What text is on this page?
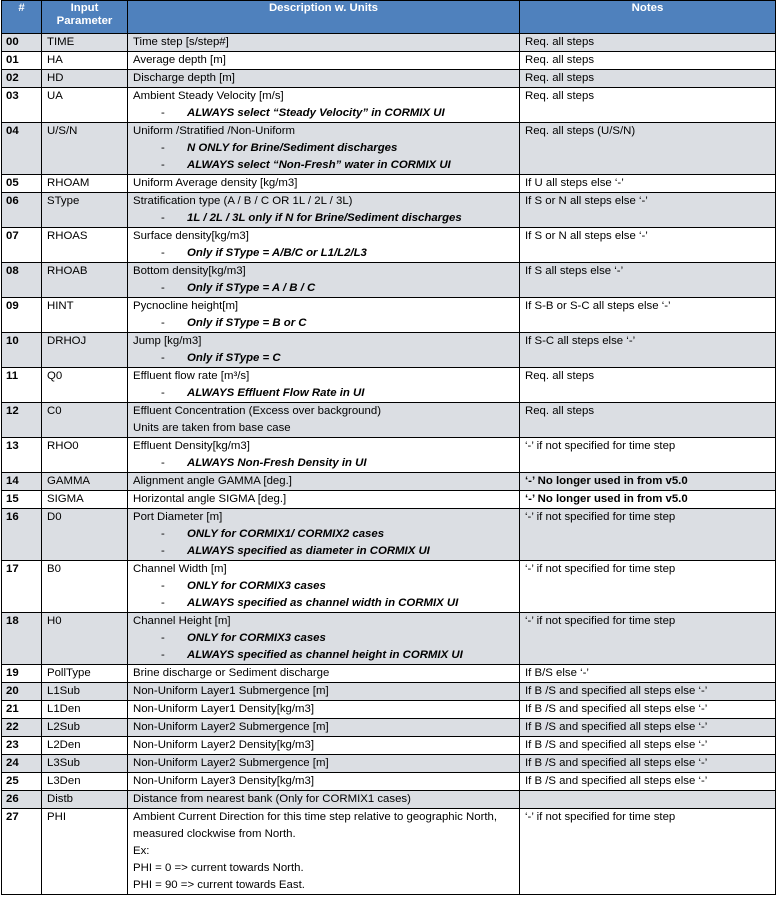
#	Input Parameter	Description w. Units	Notes
00	TIME	Time step [s/step#]	Req. all steps
01	HA	Average depth [m]	Req. all steps
02	HD	Discharge depth [m]	Req. all steps
03	UA	Ambient Steady Velocity [m/s]
- ALWAYS select “Steady Velocity” in CORMIX UI	Req. all steps
04	U/S/N	Uniform /Stratified /Non-Uniform
- N ONLY for Brine/Sediment discharges
- ALWAYS select “Non-Fresh” water in CORMIX UI	Req. all steps (U/S/N)
05	RHOAM	Uniform Average density [kg/m3]	If U all steps else ‘-’
06	SType	Stratification type (A / B / C OR 1L / 2L / 3L)
- 1L / 2L / 3L only if N for Brine/Sediment discharges	If S or N all steps else ‘-’
07	RHOAS	Surface density[kg/m3]
- Only if SType = A/B/C or L1/L2/L3	If S or N all steps else ‘-’
08	RHOAB	Bottom density[kg/m3]
- Only if SType = A / B / C	If S all steps else ‘-’
09	HINT	Pycnocline height[m]
- Only if SType = B or C	If S-B or S-C all steps else ‘-’
10	DRHOJ	Jump [kg/m3]
- Only if SType = C	If S-C all steps else ‘-’
11	Q0	Effluent flow rate [m³/s]
- ALWAYS Effluent Flow Rate in UI	Req. all steps
12	C0	Effluent Concentration (Excess over background)
Units are taken from base case	Req. all steps
13	RHO0	Effluent Density[kg/m3]
- ALWAYS Non-Fresh Density in UI	‘-’ if not specified for time step
14	GAMMA	Alignment angle GAMMA [deg.]	‘-’ No longer used in from v5.0
15	SIGMA	Horizontal angle SIGMA [deg.]	‘-’ No longer used in from v5.0
16	D0	Port Diameter [m]
- ONLY for CORMIX1/ CORMIX2 cases
- ALWAYS specified as diameter in CORMIX UI	‘-’ if not specified for time step
17	B0	Channel Width [m]
- ONLY for CORMIX3 cases
- ALWAYS specified as channel width in CORMIX UI	‘-’ if not specified for time step
18	H0	Channel Height [m]
- ONLY for CORMIX3 cases
- ALWAYS specified as channel height in CORMIX UI	‘-’ if not specified for time step
19	PollType	Brine discharge or Sediment discharge	If B/S else ‘-’
20	L1Sub	Non-Uniform Layer1 Submergence [m]	If B /S and specified all steps else ‘-’
21	L1Den	Non-Uniform Layer1 Density[kg/m3]	If B /S and specified all steps else ‘-’
22	L2Sub	Non-Uniform Layer2 Submergence [m]	If B /S and specified all steps else ‘-’
23	L2Den	Non-Uniform Layer2 Density[kg/m3]	If B /S and specified all steps else ‘-’
24	L3Sub	Non-Uniform Layer2 Submergence [m]	If B /S and specified all steps else ‘-’
25	L3Den	Non-Uniform Layer3 Density[kg/m3]	If B /S and specified all steps else ‘-’
26	Distb	Distance from nearest bank (Only for CORMIX1 cases)	

27	PHI	Ambient Current Direction for this time step relative to geographic North, measured clockwise from North.
Ex:
PHI = 0 => current towards North.
PHI = 90 => current towards East.	‘-’ if not specified for time step
